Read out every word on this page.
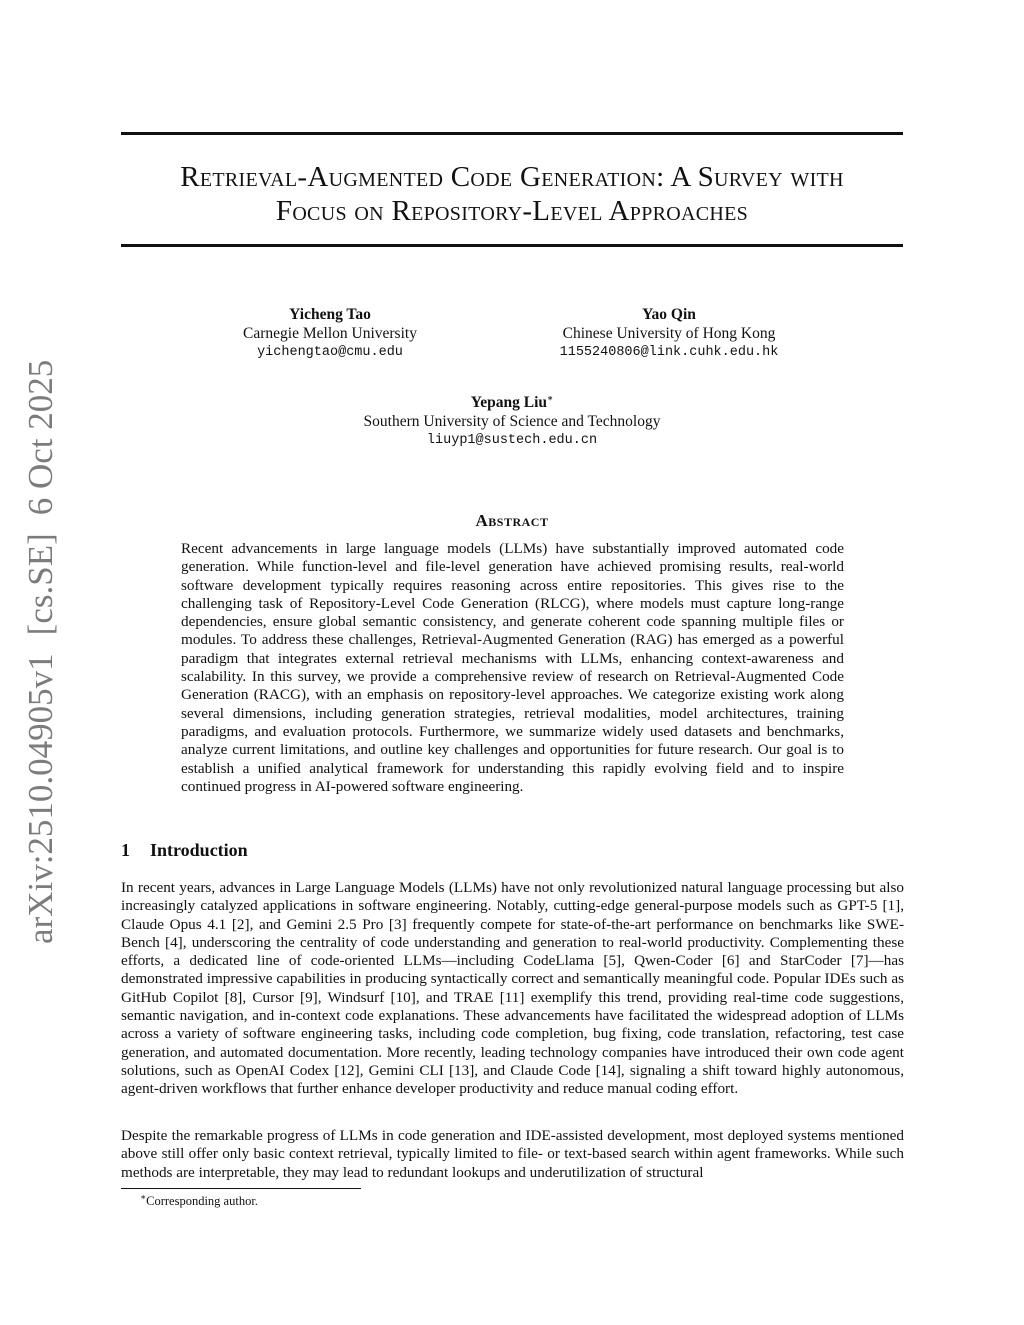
arXiv:2510.04905v1[cs.SE]6 Oct 2025
Retrieval-Augmented Code Generation: A Survey with
Focus on Repository-Level Approaches
Yicheng Tao
Carnegie Mellon University
yichengtao@cmu.edu
Yao Qin
Chinese University of Hong Kong
1155240806@link.cuhk.edu.hk
Yepang Liu∗
Southern University of Science and Technology
liuyp1@sustech.edu.cn
Abstract
Recent advancements in large language models (LLMs) have substantially improved automated code generation. While function-level and file-level generation have achieved promising results, real-world software development typically requires reasoning across entire repositories. This gives rise to the challenging task of Repository-Level Code Generation (RLCG), where models must capture long-range dependencies, ensure global semantic consistency, and generate coherent code spanning multiple files or modules. To address these challenges, Retrieval-Augmented Generation (RAG) has emerged as a powerful paradigm that integrates external retrieval mechanisms with LLMs, enhancing context-awareness and scalability. In this survey, we provide a comprehensive review of research on Retrieval-Augmented Code Generation (RACG), with an emphasis on repository-level approaches. We categorize existing work along several dimensions, including generation strategies, retrieval modalities, model architectures, training paradigms, and evaluation protocols. Furthermore, we summarize widely used datasets and benchmarks, analyze current limitations, and outline key challenges and opportunities for future research. Our goal is to establish a unified analytical framework for understanding this rapidly evolving field and to inspire continued progress in AI-powered software engineering.
1 Introduction
In recent years, advances in Large Language Models (LLMs) have not only revolutionized natural language processing but also increasingly catalyzed applications in software engineering. Notably, cutting-edge general-purpose models such as GPT-5 [1], Claude Opus 4.1 [2], and Gemini 2.5 Pro [3] frequently compete for state-of-the-art performance on benchmarks like SWE-Bench [4], underscoring the centrality of code understanding and generation to real-world productivity. Complementing these efforts, a dedicated line of code-oriented LLMs—including CodeLlama [5], Qwen-Coder [6] and StarCoder [7]—has demonstrated impressive capabilities in producing syntactically correct and semantically meaningful code. Popular IDEs such as GitHub Copilot [8], Cursor [9], Windsurf [10], and TRAE [11] exemplify this trend, providing real-time code suggestions, semantic navigation, and in-context code explanations. These advancements have facilitated the widespread adoption of LLMs across a variety of software engineering tasks, including code completion, bug fixing, code translation, refactoring, test case generation, and automated documentation. More recently, leading technology companies have introduced their own code agent solutions, such as OpenAI Codex [12], Gemini CLI [13], and Claude Code [14], signaling a shift toward highly autonomous, agent-driven workflows that further enhance developer productivity and reduce manual coding effort.
Despite the remarkable progress of LLMs in code generation and IDE-assisted development, most deployed systems mentioned above still offer only basic context retrieval, typically limited to file- or text-based search within agent frameworks. While such methods are interpretable, they may lead to redundant lookups and underutilization of structural
∗Corresponding author.
